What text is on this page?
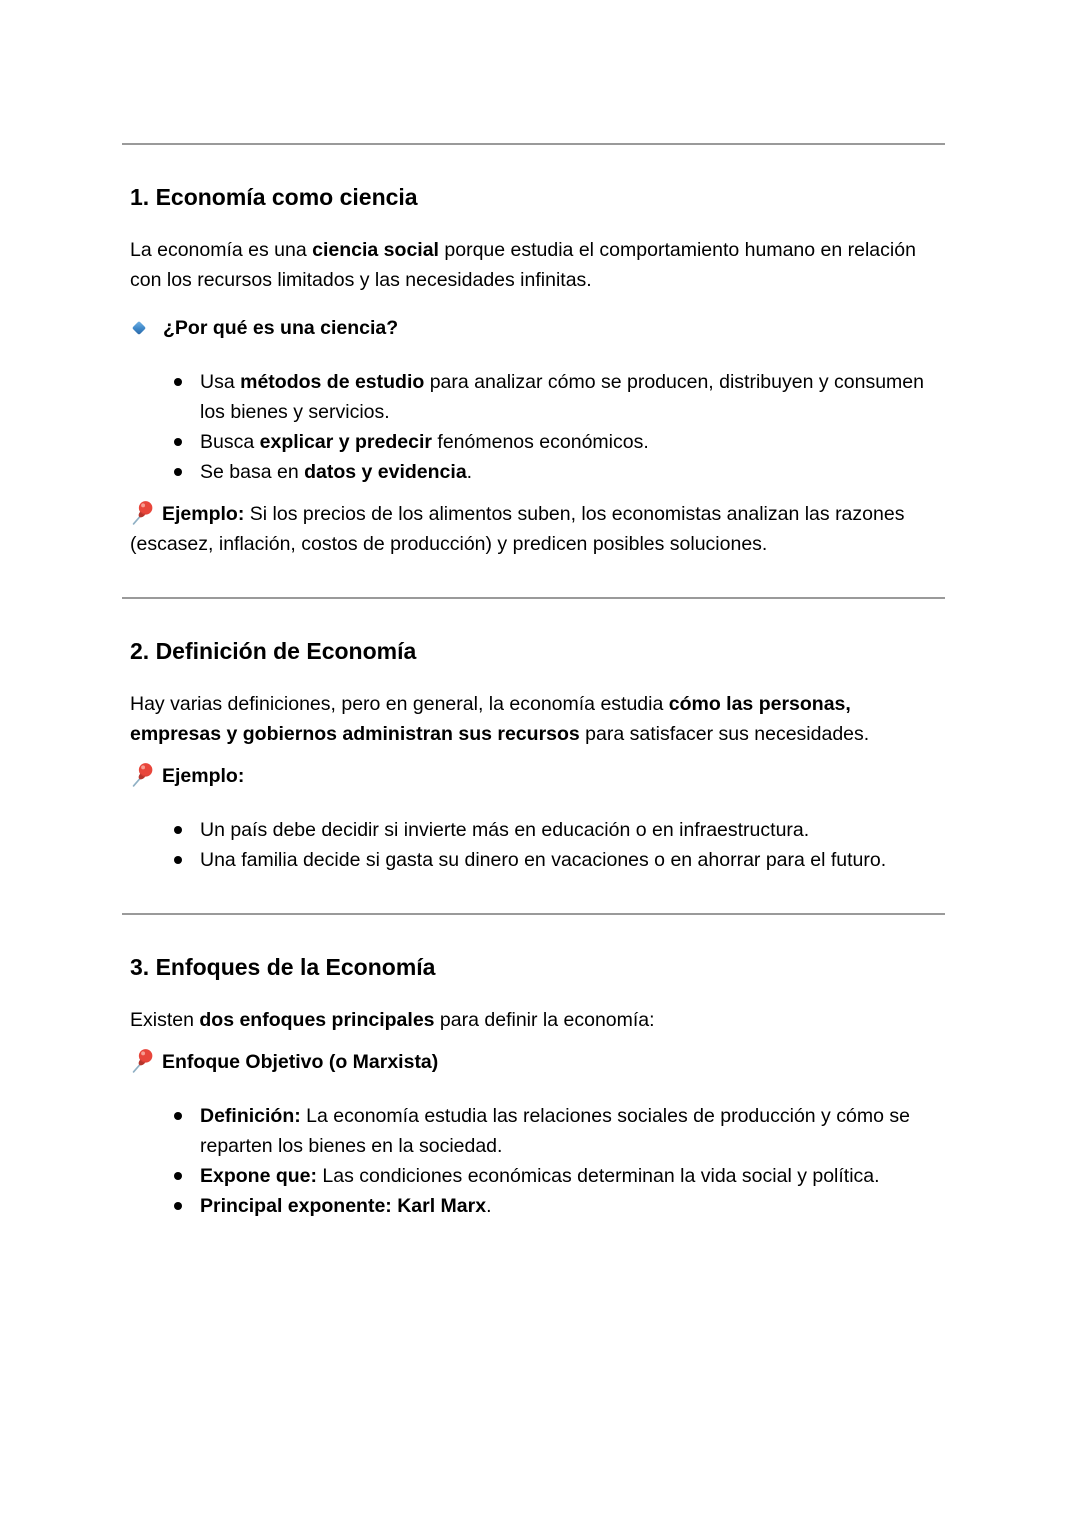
1. Economía como ciencia

La economía es una ciencia social porque estudia el comportamiento humano en relación con los recursos limitados y las necesidades infinitas.

¿Por qué es una ciencia?
Usa métodos de estudio para analizar cómo se producen, distribuyen y consumen los bienes y servicios.
Busca explicar y predecir fenómenos económicos.
Se basa en datos y evidencia.

Ejemplo: Si los precios de los alimentos suben, los economistas analizan las razones (escasez, inflación, costos de producción) y predicen posibles soluciones.

2. Definición de Economía

Hay varias definiciones, pero en general, la economía estudia cómo las personas, empresas y gobiernos administran sus recursos para satisfacer sus necesidades.

Ejemplo:

Un país debe decidir si invierte más en educación o en infraestructura.
Una familia decide si gasta su dinero en vacaciones o en ahorrar para el futuro.
3. Enfoques de la Economía

Existen dos enfoques principales para definir la economía:

Enfoque Objetivo (o Marxista)

Definición: La economía estudia las relaciones sociales de producción y cómo se reparten los bienes en la sociedad.
Expone que: Las condiciones económicas determinan la vida social y política.
Principal exponente: Karl Marx.
